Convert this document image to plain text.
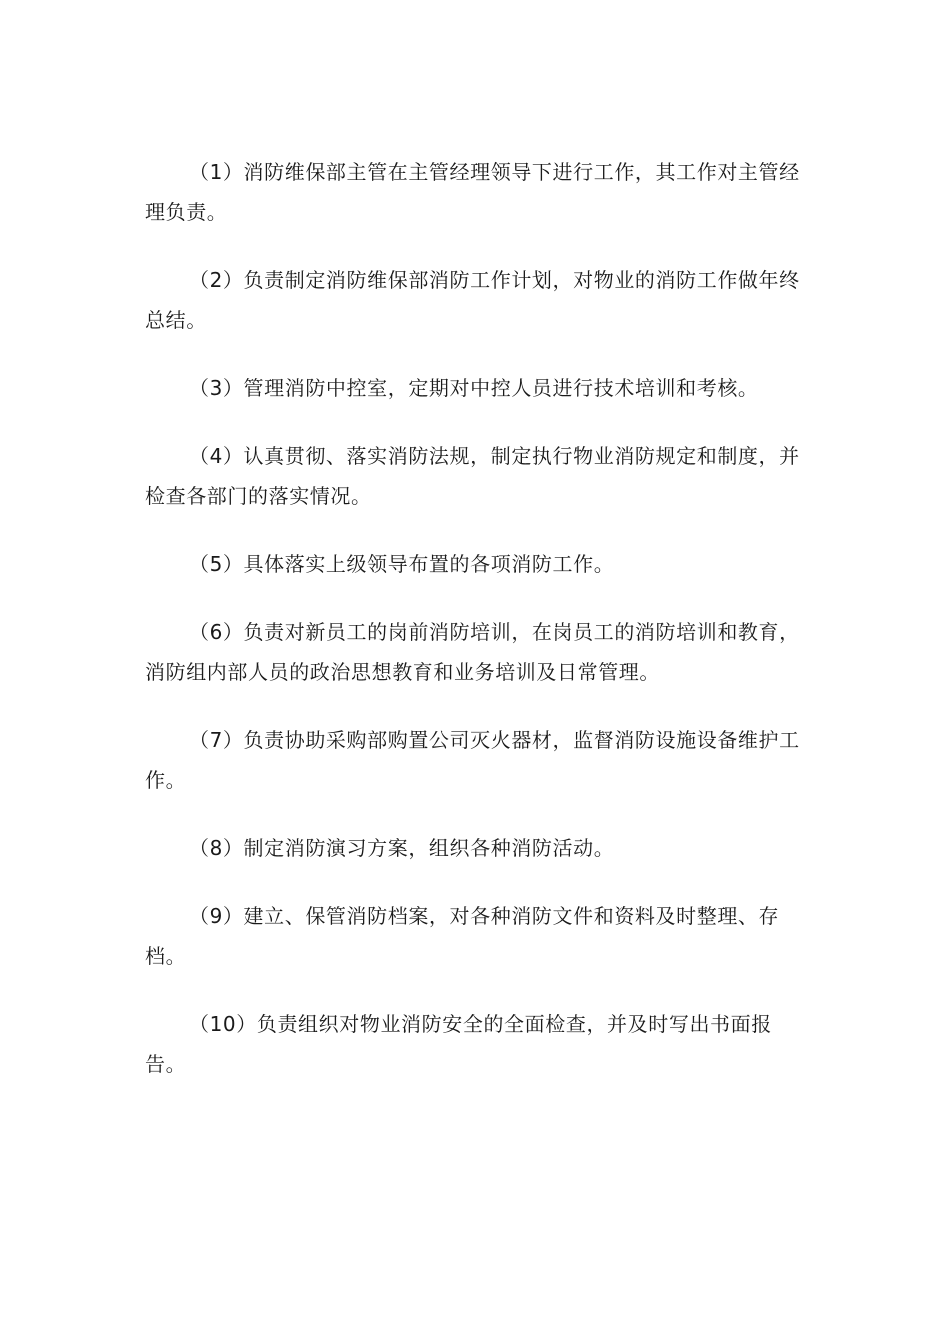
（1）消防维保部主管在主管经理领导下进行工作，其工作对主管经理负责。

（2）负责制定消防维保部消防工作计划，对物业的消防工作做年终总结。

（3）管理消防中控室，定期对中控人员进行技术培训和考核。

（4）认真贯彻、落实消防法规，制定执行物业消防规定和制度，并检查各部门的落实情况。

（5）具体落实上级领导布置的各项消防工作。

（6）负责对新员工的岗前消防培训，在岗员工的消防培训和教育，消防组内部人员的政治思想教育和业务培训及日常管理。

（7）负责协助采购部购置公司灭火器材，监督消防设施设备维护工作。

（8）制定消防演习方案，组织各种消防活动。

（9）建立、保管消防档案，对各种消防文件和资料及时整理、存档。

（10）负责组织对物业消防安全的全面检查，并及时写出书面报告。
